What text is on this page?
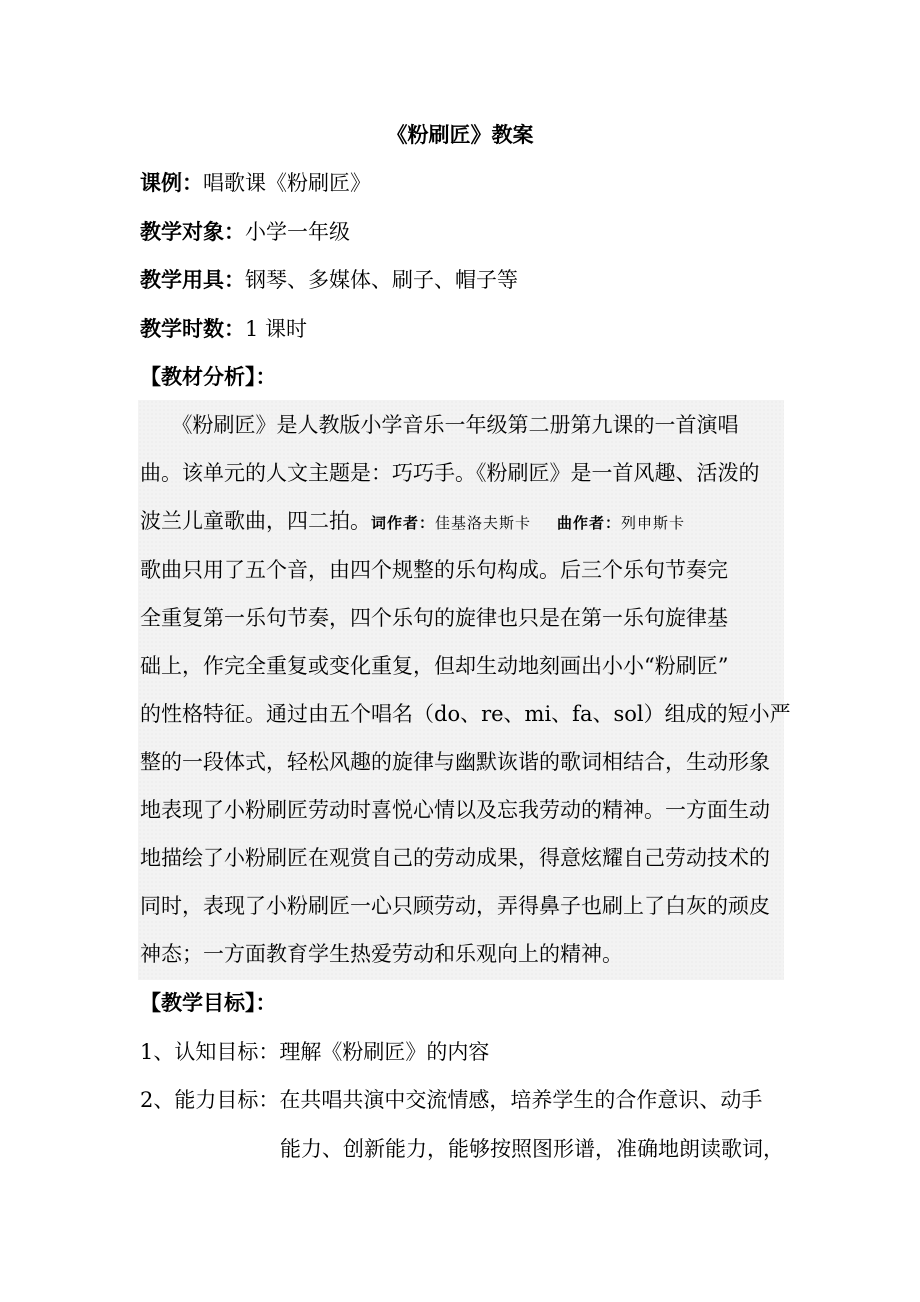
《粉刷匠》教案
课例：唱歌课《粉刷匠》
教学对象：小学一年级
教学用具：钢琴、多媒体、刷子、帽子等
教学时数：1 课时
【教材分析】：
　　《粉刷匠》是人教版小学音乐一年级第二册第九课的一首演唱
曲。该单元的人文主题是：巧巧手。《粉刷匠》是一首风趣、活泼的
波兰儿童歌曲，四二拍。词作者：佳基洛夫斯卡 曲作者：列申斯卡
歌曲只用了五个音，由四个规整的乐句构成。后三个乐句节奏完
全重复第一乐句节奏，四个乐句的旋律也只是在第一乐句旋律基
础上，作完全重复或变化重复，但却生动地刻画出小小“粉刷匠”
的性格特征。通过由五个唱名（do、re、mi、fa、sol）组成的短小严
整的一段体式，轻松风趣的旋律与幽默诙谐的歌词相结合，生动形象
地表现了小粉刷匠劳动时喜悦心情以及忘我劳动的精神。一方面生动
地描绘了小粉刷匠在观赏自己的劳动成果，得意炫耀自己劳动技术的
同时，表现了小粉刷匠一心只顾劳动，弄得鼻子也刷上了白灰的顽皮
神态；一方面教育学生热爱劳动和乐观向上的精神。
【教学目标】：
1、认知目标：理解《粉刷匠》的内容
2、能力目标：在共唱共演中交流情感，培养学生的合作意识、动手
能力、创新能力，能够按照图形谱，准确地朗读歌词，
